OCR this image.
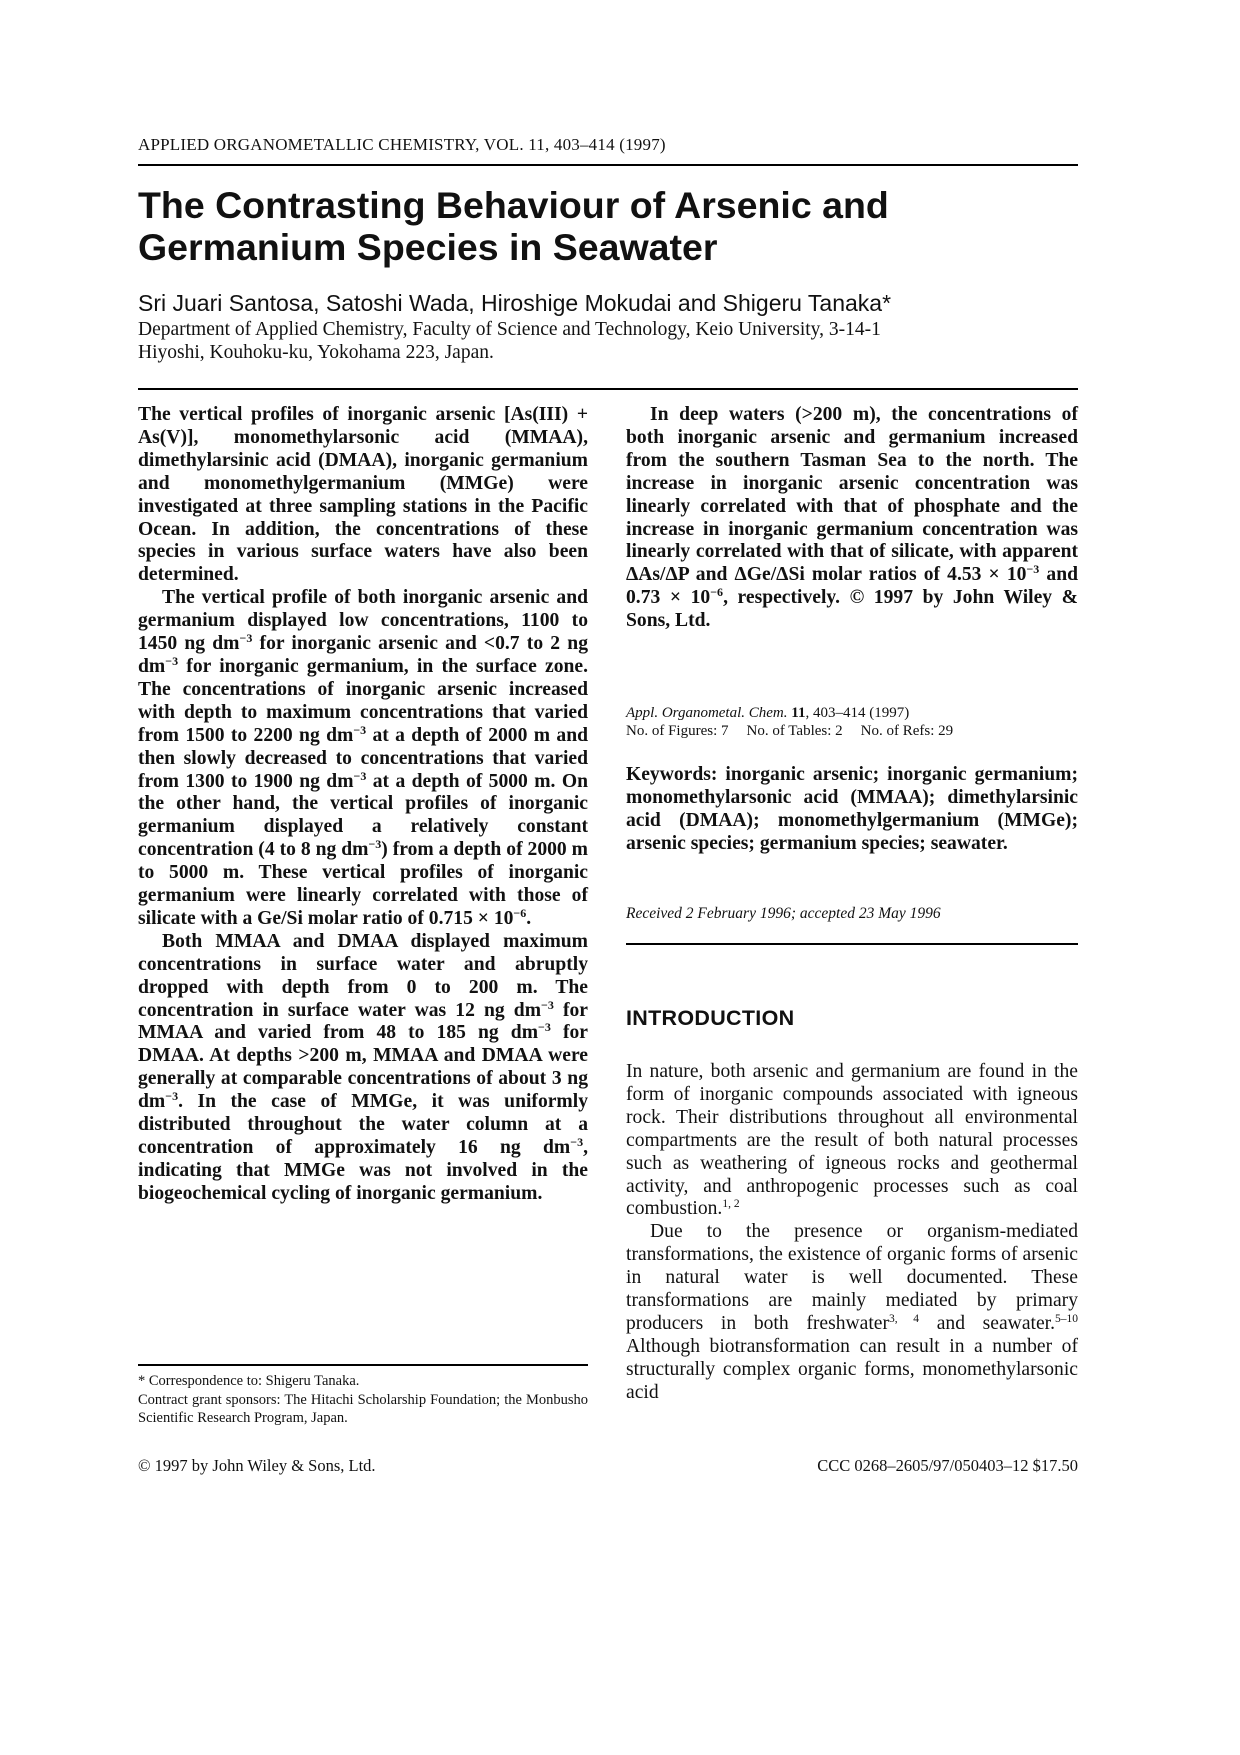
APPLIED ORGANOMETALLIC CHEMISTRY, VOL. 11, 403–414 (1997)
The Contrasting Behaviour of Arsenic and
Germanium Species in Seawater
Sri Juari Santosa, Satoshi Wada, Hiroshige Mokudai and Shigeru Tanaka*
Department of Applied Chemistry, Faculty of Science and Technology, Keio University, 3-14-1
Hiyoshi, Kouhoku-ku, Yokohama 223, Japan.

The vertical profiles of inorganic arsenic [As(III) + As(V)], monomethylarsonic acid (MMAA), dimethylarsinic acid (DMAA), inorganic germanium and monomethylgermanium (MMGe) were investigated at three sampling stations in the Pacific Ocean. In addition, the concentrations of these species in various surface waters have also been determined.

The vertical profile of both inorganic arsenic and germanium displayed low concentrations, 1100 to 1450 ng $dm^{-3}$ for inorganic arsenic and <0.7 to 2 ng $dm^{-3}$ for inorganic germanium, in the surface zone. The concentrations of inorganic arsenic increased with depth to maximum concentrations that varied from 1500 to 2200 ng $dm^{-3}$ at a depth of 2000 m and then slowly decreased to concentrations that varied from 1300 to 1900 ng $dm^{-3}$ at a depth of 5000 m. On the other hand, the vertical profiles of inorganic germanium displayed a relatively constant concentration (4 to 8 ng $dm^{-3}$) from a depth of 2000 m to 5000 m. These vertical profiles of inorganic germanium were linearly correlated with those of silicate with a Ge/Si molar ratio of $0.715 \times 10^{-6}$.

Both MMAA and DMAA displayed maximum concentrations in surface water and abruptly dropped with depth from 0 to 200 m. The concentration in surface water was 12 ng $dm^{-3}$ for MMAA and varied from 48 to 185 ng $dm^{-3}$ for DMAA. At depths >200 m, MMAA and DMAA were generally at comparable concentrations of about 3 ng $dm^{-3}$. In the case of MMGe, it was uniformly distributed throughout the water column at a concentration of approximately 16 ng $dm^{-3}$, indicating that MMGe was not involved in the biogeochemical cycling of inorganic germanium.

* Correspondence to: Shigeru Tanaka.

Contract grant sponsors: The Hitachi Scholarship Foundation; the Monbusho Scientific Research Program, Japan.

In deep waters (>200 m), the concentrations of both inorganic arsenic and germanium increased from the southern Tasman Sea to the north. The increase in inorganic arsenic concentration was linearly correlated with that of phosphate and the increase in inorganic germanium concentration was linearly correlated with that of silicate, with apparent ΔAs/ΔP and ΔGe/ΔSi molar ratios of $4.53 \times 10^{-3}$ and $0.73 \times 10^{-6}$, respectively. © 1997 by John Wiley & Sons, Ltd.

Appl. Organometal. Chem. 11, 403–414 (1997)
No. of Figures: 7 No. of Tables: 2 No. of Refs: 29

Keywords: inorganic arsenic; inorganic germanium; monomethylarsonic acid (MMAA); dimethylarsinic acid (DMAA); monomethylgermanium (MMGe); arsenic species; germanium species; seawater.

Received 2 February 1996; accepted 23 May 1996
INTRODUCTION

In nature, both arsenic and germanium are found in the form of inorganic compounds associated with igneous rock. Their distributions throughout all environmental compartments are the result of both natural processes such as weathering of igneous rocks and geothermal activity, and anthropogenic processes such as coal combustion.$^{1, 2}$

Due to the presence or organism-mediated transformations, the existence of organic forms of arsenic in natural water is well documented. These transformations are mainly mediated by primary producers in both freshwater$^{3, 4}$ and seawater.$^{5-10}$ Although biotransformation can result in a number of structurally complex organic forms, monomethylarsonic acid

© 1997 by John Wiley & Sons, Ltd.	CCC 0268–2605/97/050403–12 $17.50
